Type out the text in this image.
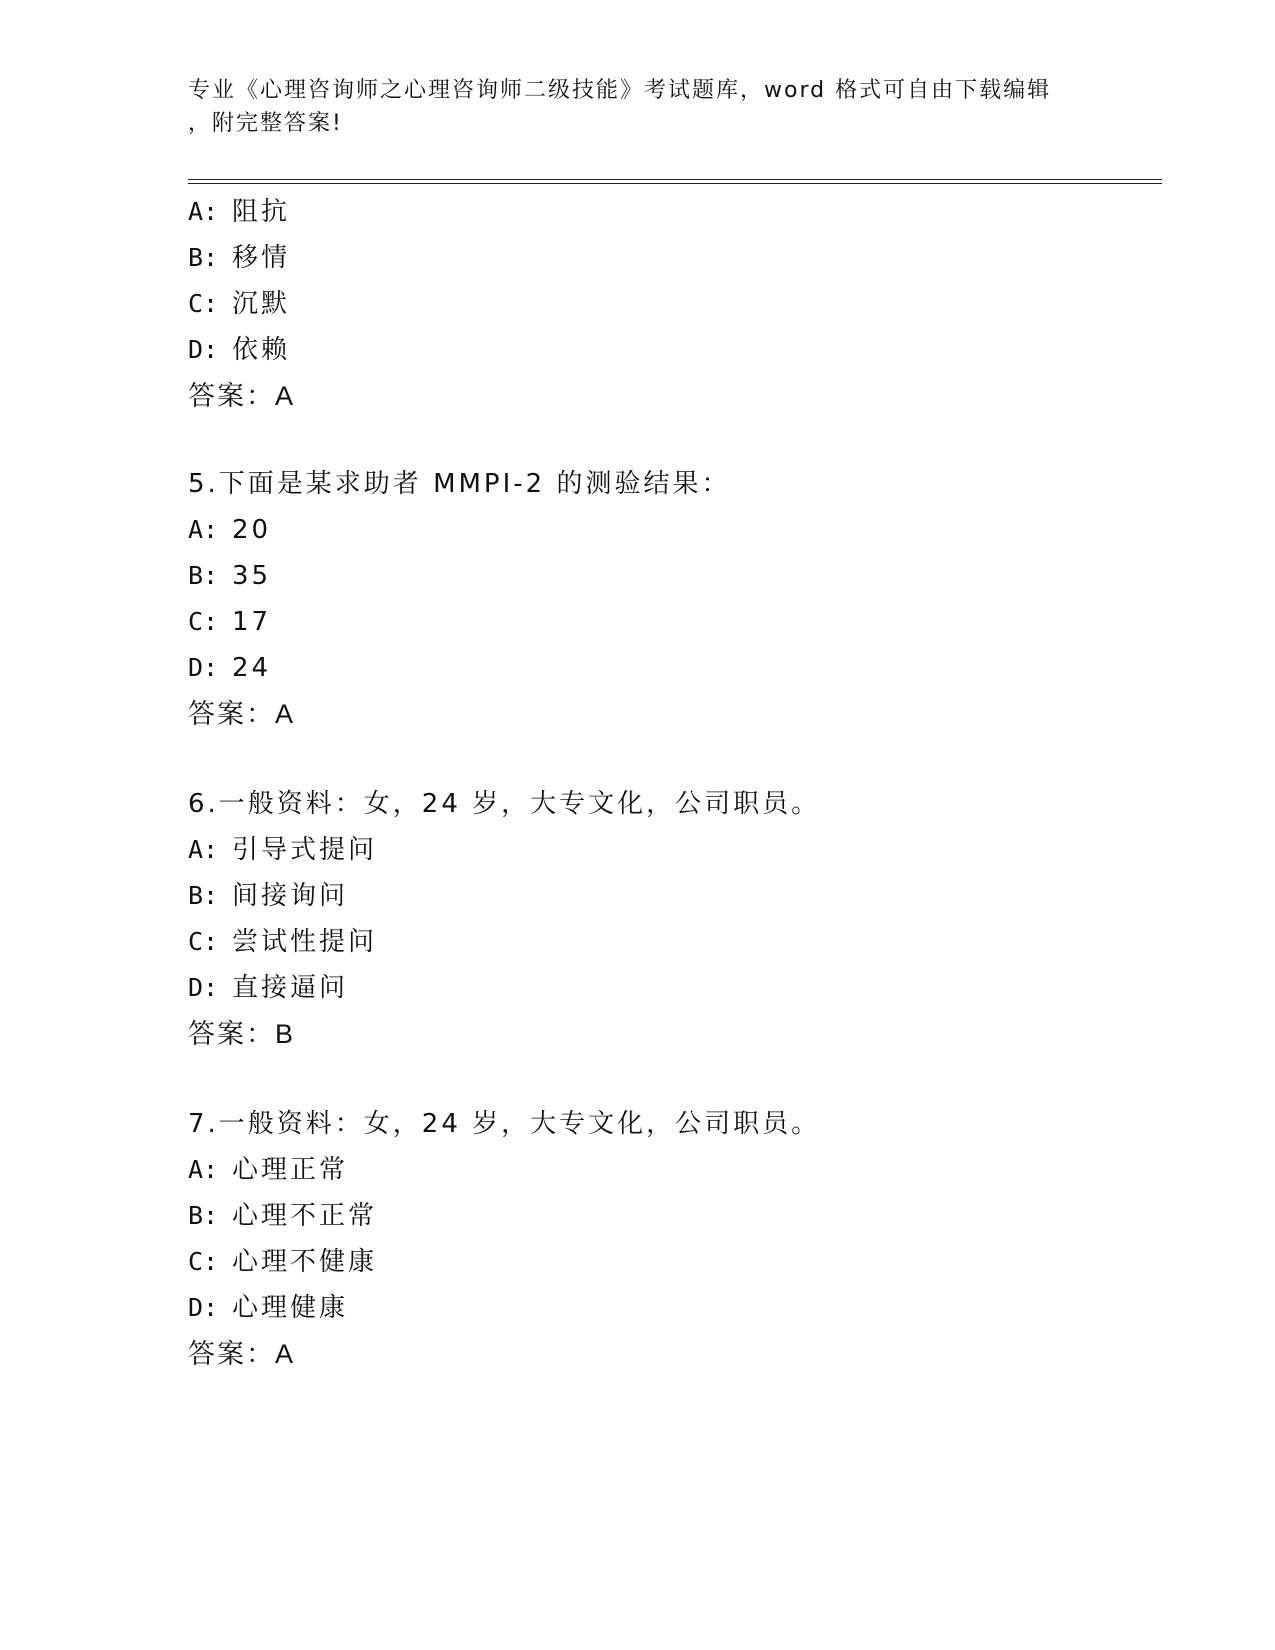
专业《心理咨询师之心理咨询师二级技能》考试题库，word 格式可自由下载编辑
，附完整答案!
A: 阻抗
B: 移情
C: 沉默
D: 依赖
答案：A
5.下面是某求助者 MMPI-2 的测验结果：
A: 20
B: 35
C: 17
D: 24
答案：A
6.一般资料：女，24 岁，大专文化，公司职员。
A: 引导式提问
B: 间接询问
C: 尝试性提问
D: 直接逼问
答案：B
7.一般资料：女，24 岁，大专文化，公司职员。
A: 心理正常
B: 心理不正常
C: 心理不健康
D: 心理健康
答案：A
